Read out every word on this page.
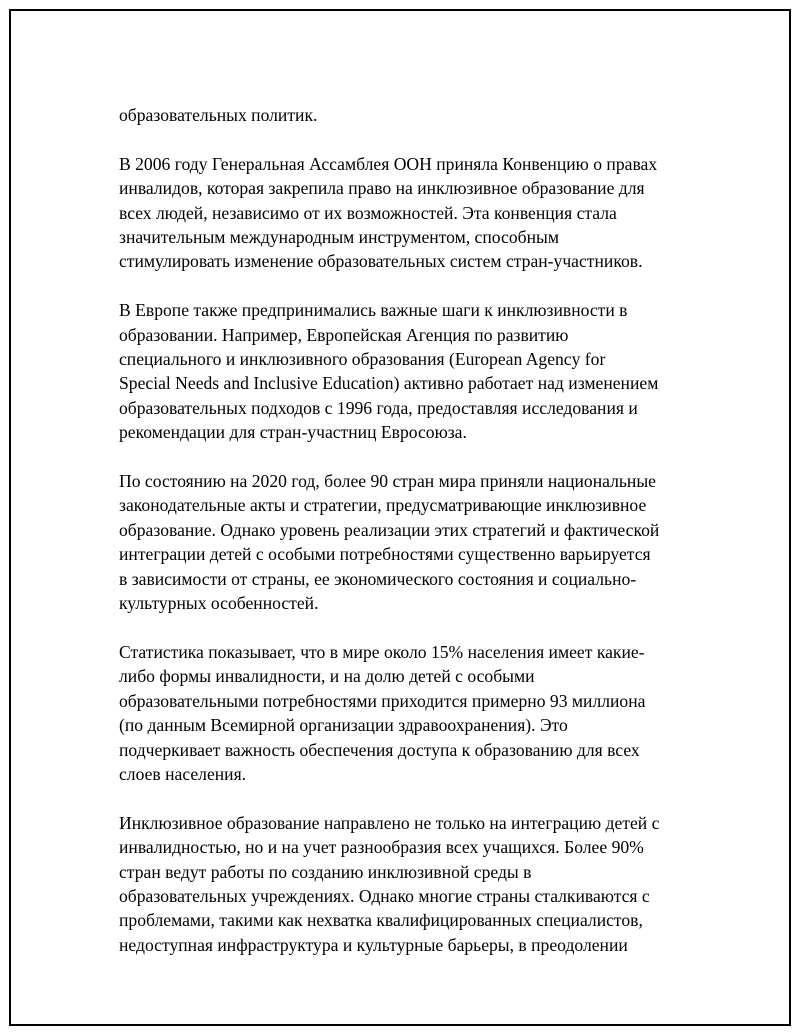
образовательных политик.

В 2006 году Генеральная Ассамблея ООН приняла Конвенцию о правах
инвалидов, которая закрепила право на инклюзивное образование для
всех людей, независимо от их возможностей. Эта конвенция стала
значительным международным инструментом, способным
стимулировать изменение образовательных систем стран-участников.

В Европе также предпринимались важные шаги к инклюзивности в
образовании. Например, Европейская Агенция по развитию
специального и инклюзивного образования (European Agency for
Special Needs and Inclusive Education) активно работает над изменением
образовательных подходов с 1996 года, предоставляя исследования и
рекомендации для стран-участниц Евросоюза.

По состоянию на 2020 год, более 90 стран мира приняли национальные
законодательные акты и стратегии, предусматривающие инклюзивное
образование. Однако уровень реализации этих стратегий и фактической
интеграции детей с особыми потребностями существенно варьируется
в зависимости от страны, ее экономического состояния и социально-
культурных особенностей.

Статистика показывает, что в мире около 15% населения имеет какие-
либо формы инвалидности, и на долю детей с особыми
образовательными потребностями приходится примерно 93 миллиона
(по данным Всемирной организации здравоохранения). Это
подчеркивает важность обеспечения доступа к образованию для всех
слоев населения.

Инклюзивное образование направлено не только на интеграцию детей с
инвалидностью, но и на учет разнообразия всех учащихся. Более 90%
стран ведут работы по созданию инклюзивной среды в
образовательных учреждениях. Однако многие страны сталкиваются с
проблемами, такими как нехватка квалифицированных специалистов,
недоступная инфраструктура и культурные барьеры, в преодолении
